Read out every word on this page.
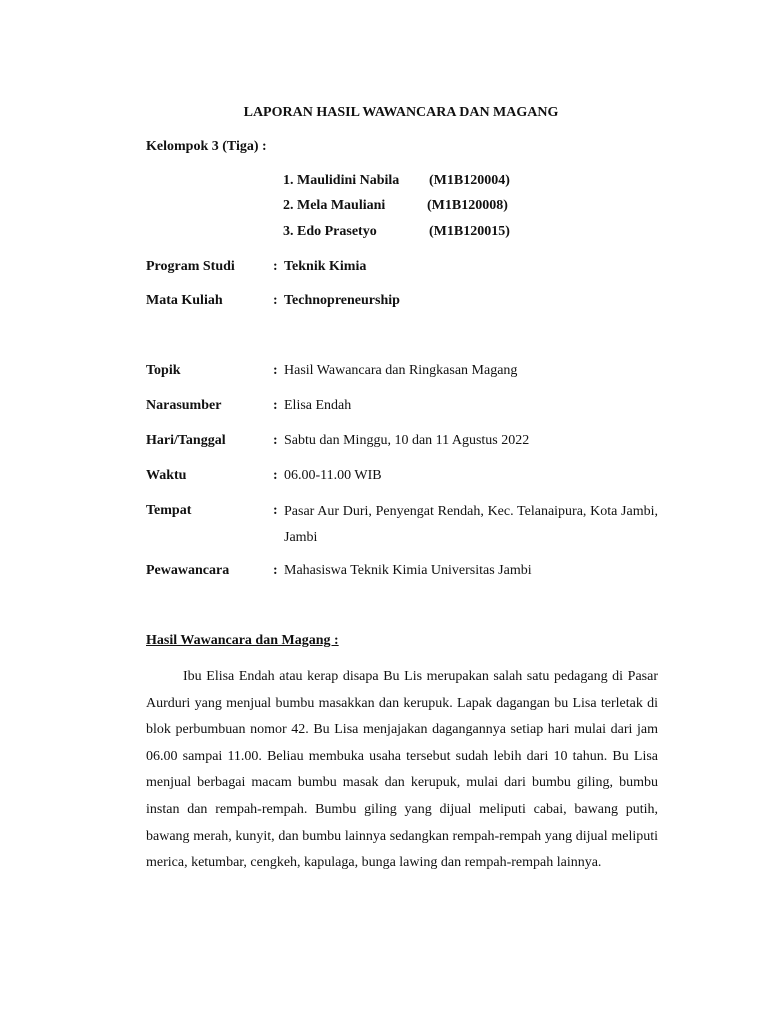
LAPORAN HASIL WAWANCARA DAN MAGANG
Kelompok 3 (Tiga) :
1. Maulidini Nabila (M1B120004)
2. Mela Mauliani	(M1B120008)
3. Edo Prasetyo	(M1B120015)
Program Studi	: Teknik Kimia
Mata Kuliah	: Technopreneurship
Topik	: Hasil Wawancara dan Ringkasan Magang
Narasumber	: Elisa Endah
Hari/Tanggal	: Sabtu dan Minggu, 10 dan 11 Agustus 2022
Waktu	: 06.00-11.00 WIB
Tempat	: Pasar Aur Duri, Penyengat Rendah, Kec. Telanaipura, Kota Jambi, Jambi
Pewawancara	: Mahasiswa Teknik Kimia Universitas Jambi
Hasil Wawancara dan Magang :
Ibu Elisa Endah atau kerap disapa Bu Lis merupakan salah satu pedagang di Pasar Aurduri yang menjual bumbu masakkan dan kerupuk. Lapak dagangan bu Lisa terletak di blok perbumbuan nomor 42. Bu Lisa menjajakan dagangannya setiap hari mulai dari jam 06.00 sampai 11.00. Beliau membuka usaha tersebut sudah lebih dari 10 tahun. Bu Lisa menjual berbagai macam bumbu masak dan kerupuk, mulai dari bumbu giling, bumbu instan dan rempah-rempah. Bumbu giling yang dijual meliputi cabai, bawang putih, bawang merah, kunyit, dan bumbu lainnya sedangkan rempah-rempah yang dijual meliputi merica, ketumbar, cengkeh, kapulaga, bunga lawing dan rempah-rempah lainnya.
